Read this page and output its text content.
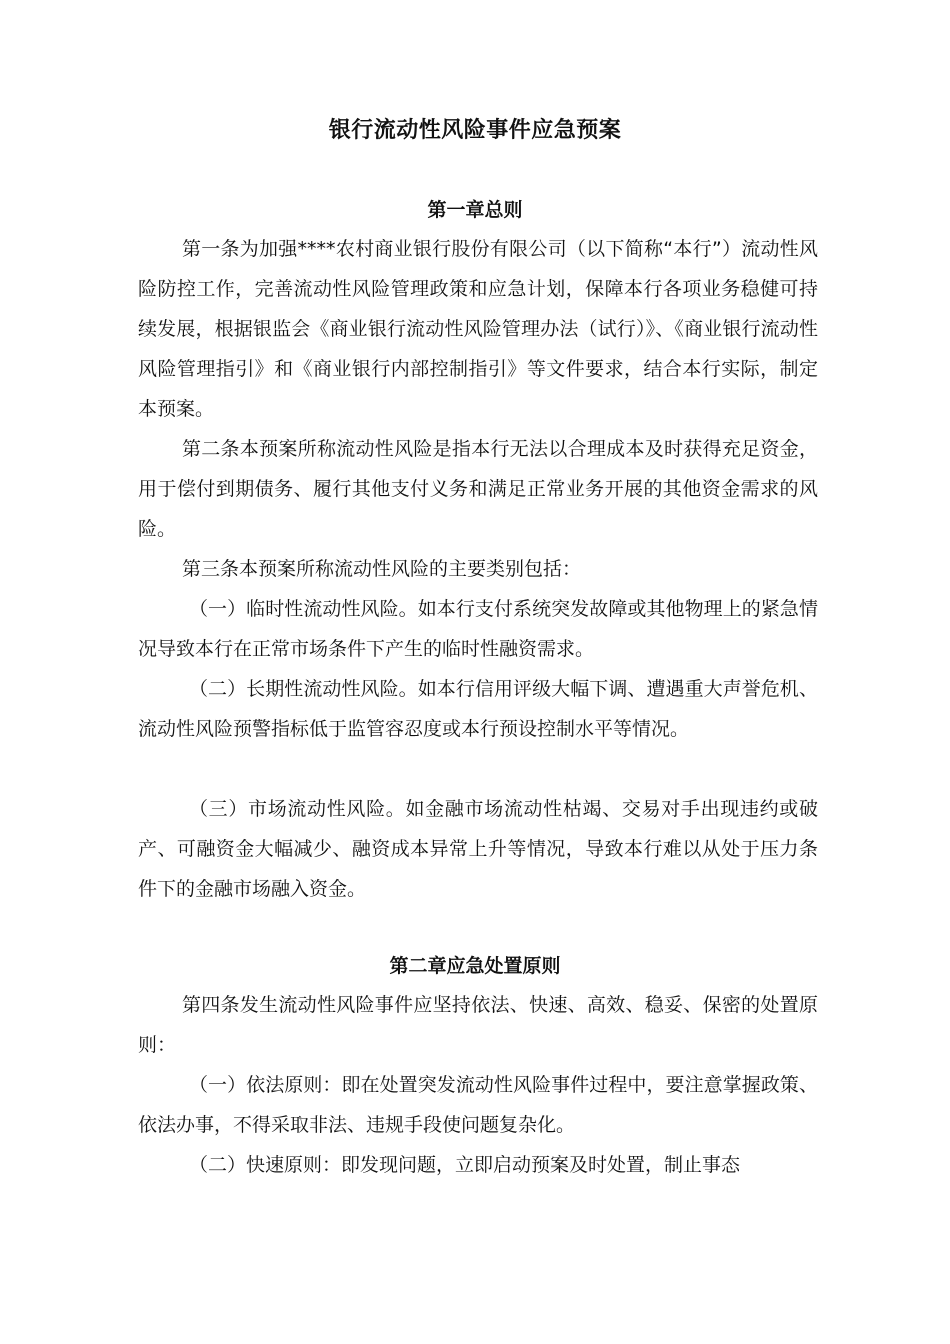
银行流动性风险事件应急预案
第一章总则

第一条为加强****农村商业银行股份有限公司（以下简称“本行”）流动性风险防控工作，完善流动性风险管理政策和应急计划，保障本行各项业务稳健可持续发展，根据银监会《商业银行流动性风险管理办法（试行）》、《商业银行流动性风险管理指引》和《商业银行内部控制指引》等文件要求，结合本行实际，制定本预案。

第二条本预案所称流动性风险是指本行无法以合理成本及时获得充足资金，用于偿付到期债务、履行其他支付义务和满足正常业务开展的其他资金需求的风险。

第三条本预案所称流动性风险的主要类别包括：

（一）临时性流动性风险。如本行支付系统突发故障或其他物理上的紧急情况导致本行在正常市场条件下产生的临时性融资需求。

（二）长期性流动性风险。如本行信用评级大幅下调、遭遇重大声誉危机、流动性风险预警指标低于监管容忍度或本行预设控制水平等情况。

（三）市场流动性风险。如金融市场流动性枯竭、交易对手出现违约或破产、可融资金大幅减少、融资成本异常上升等情况，导致本行难以从处于压力条件下的金融市场融入资金。

第二章应急处置原则

第四条发生流动性风险事件应坚持依法、快速、高效、稳妥、保密的处置原则：

（一）依法原则：即在处置突发流动性风险事件过程中，要注意掌握政策、依法办事，不得采取非法、违规手段使问题复杂化。

（二）快速原则：即发现问题，立即启动预案及时处置，制止事态
